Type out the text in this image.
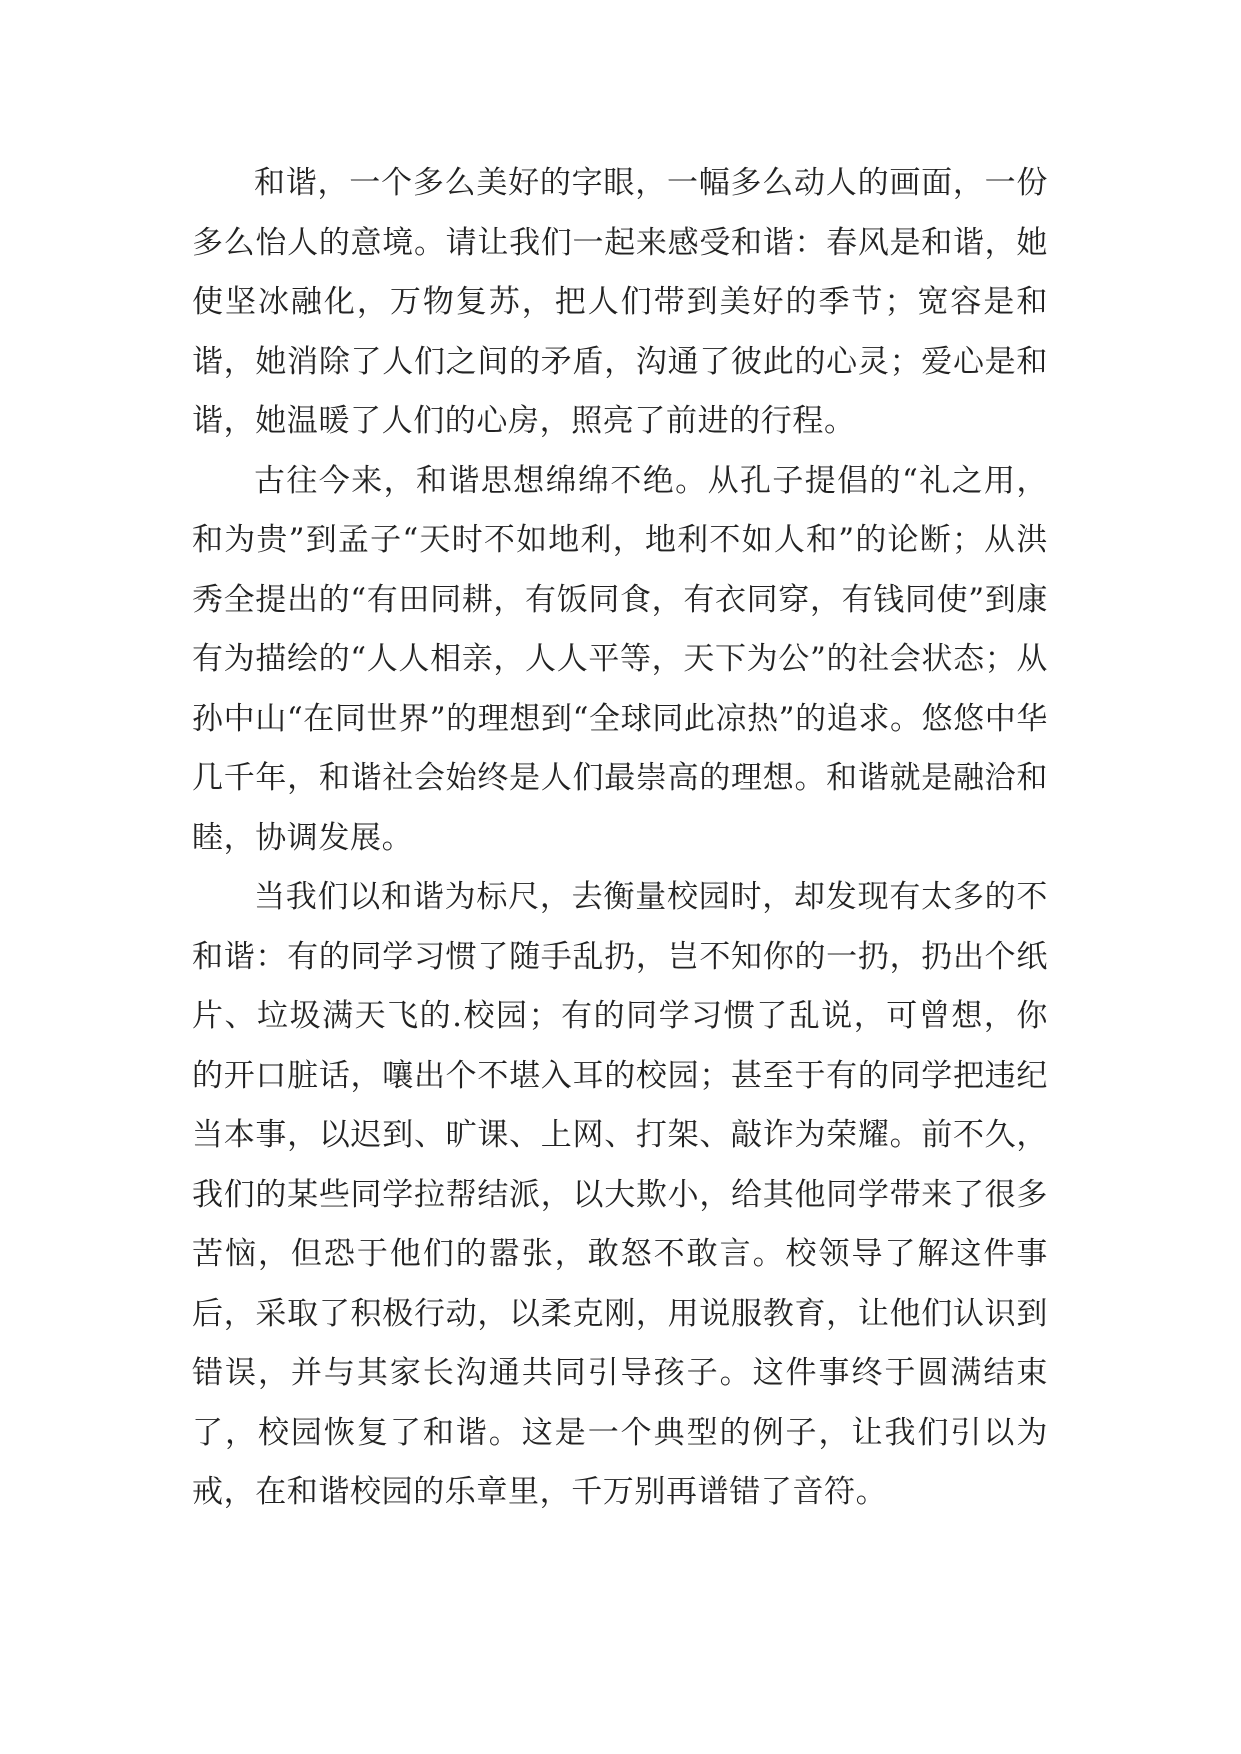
和谐，一个多么美好的字眼，一幅多么动人的画面，一份多么怡人的意境。请让我们一起来感受和谐：春风是和谐，她使坚冰融化，万物复苏，把人们带到美好的季节；宽容是和谐，她消除了人们之间的矛盾，沟通了彼此的心灵；爱心是和谐，她温暖了人们的心房，照亮了前进的行程。

古往今来，和谐思想绵绵不绝。从孔子提倡的“礼之用，和为贵”到孟子“天时不如地利，地利不如人和”的论断；从洪秀全提出的“有田同耕，有饭同食，有衣同穿，有钱同使”到康有为描绘的“人人相亲，人人平等，天下为公”的社会状态；从孙中山“在同世界”的理想到“全球同此凉热”的追求。悠悠中华几千年，和谐社会始终是人们最崇高的理想。和谐就是融洽和睦，协调发展。

当我们以和谐为标尺，去衡量校园时，却发现有太多的不和谐：有的同学习惯了随手乱扔，岂不知你的一扔，扔出个纸片、垃圾满天飞的.校园；有的同学习惯了乱说，可曾想，你的开口脏话，嚷出个不堪入耳的校园；甚至于有的同学把违纪当本事，以迟到、旷课、上网、打架、敲诈为荣耀。前不久，我们的某些同学拉帮结派，以大欺小，给其他同学带来了很多苦恼，但恐于他们的嚣张，敢怒不敢言。校领导了解这件事后，采取了积极行动，以柔克刚，用说服教育，让他们认识到错误，并与其家长沟通共同引导孩子。这件事终于圆满结束了，校园恢复了和谐。这是一个典型的例子，让我们引以为戒，在和谐校园的乐章里，千万别再谱错了音符。
